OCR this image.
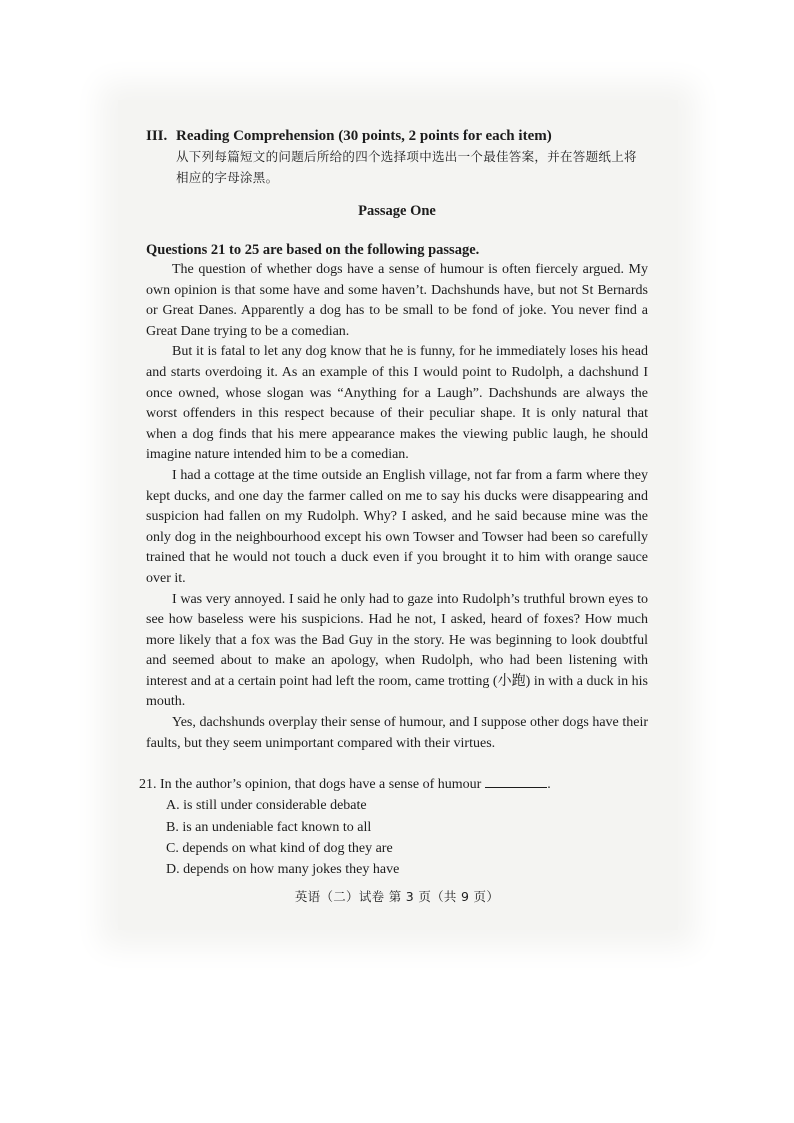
III. Reading Comprehension (30 points, 2 points for each item)
从下列每篇短文的问题后所给的四个选择项中选出一个最佳答案，并在答题纸上将相应的字母涂黑。
Passage One
Questions 21 to 25 are based on the following passage.

The question of whether dogs have a sense of humour is often fiercely argued. My own opinion is that some have and some haven’t. Dachshunds have, but not St Bernards or Great Danes. Apparently a dog has to be small to be fond of joke. You never find a Great Dane trying to be a comedian.

But it is fatal to let any dog know that he is funny, for he immediately loses his head and starts overdoing it. As an example of this I would point to Rudolph, a dachshund I once owned, whose slogan was “Anything for a Laugh”. Dachshunds are always the worst offenders in this respect because of their peculiar shape. It is only natural that when a dog finds that his mere appearance makes the viewing public laugh, he should imagine nature intended him to be a comedian.

I had a cottage at the time outside an English village, not far from a farm where they kept ducks, and one day the farmer called on me to say his ducks were disappearing and suspicion had fallen on my Rudolph. Why? I asked, and he said because mine was the only dog in the neighbourhood except his own Towser and Towser had been so carefully trained that he would not touch a duck even if you brought it to him with orange sauce over it.

I was very annoyed. I said he only had to gaze into Rudolph’s truthful brown eyes to see how baseless were his suspicions. Had he not, I asked, heard of foxes? How much more likely that a fox was the Bad Guy in the story. He was beginning to look doubtful and seemed about to make an apology, when Rudolph, who had been listening with interest and at a certain point had left the room, came trotting (小跑) in with a duck in his mouth.

Yes, dachshunds overplay their sense of humour, and I suppose other dogs have their faults, but they seem unimportant compared with their virtues.

21. In the author’s opinion, that dogs have a sense of humour	.
A. is still under considerable debate
B. is an undeniable fact known to all
C. depends on what kind of dog they are
D. depends on how many jokes they have
英语（二）试卷 第 3 页（共 9 页）
